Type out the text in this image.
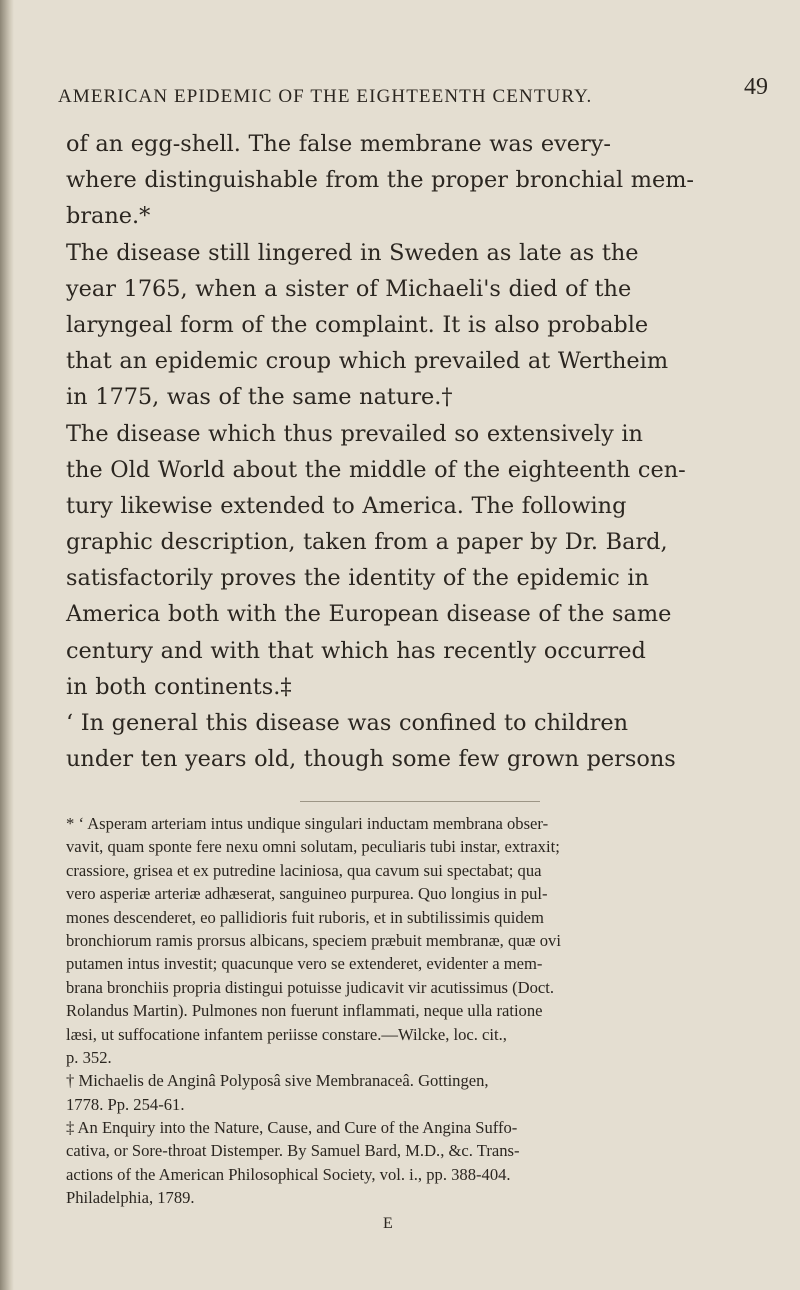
AMERICAN EPIDEMIC OF THE EIGHTEENTH CENTURY.	49
of an egg-shell. The false membrane was every-
where distinguishable from the proper bronchial mem-
brane.*
The disease still lingered in Sweden as late as the
year 1765, when a sister of Michaeli's died of the
laryngeal form of the complaint. It is also probable
that an epidemic croup which prevailed at Wertheim
in 1775, was of the same nature.†
The disease which thus prevailed so extensively in
the Old World about the middle of the eighteenth cen-
tury likewise extended to America. The following
graphic description, taken from a paper by Dr. Bard,
satisfactorily proves the identity of the epidemic in
America both with the European disease of the same
century and with that which has recently occurred
in both continents.‡
‘ In general this disease was confined to children
under ten years old, though some few grown persons
* ‘ Asperam arteriam intus undique singulari inductam membrana obser-
vavit, quam sponte fere nexu omni solutam, peculiaris tubi instar, extraxit;
crassiore, grisea et ex putredine laciniosa, qua cavum sui spectabat; qua
vero asperiæ arteriæ adhæserat, sanguineo purpurea. Quo longius in pul-
mones descenderet, eo pallidioris fuit ruboris, et in subtilissimis quidem
bronchiorum ramis prorsus albicans, speciem præbuit membranæ, quæ ovi
putamen intus investit; quacunque vero se extenderet, evidenter a mem-
brana bronchiis propria distingui potuisse judicavit vir acutissimus (Doct.
Rolandus Martin). Pulmones non fuerunt inflammati, neque ulla ratione
læsi, ut suffocatione infantem periisse constare.—Wilcke, loc. cit.,
p. 352.
† Michaelis de Anginâ Polyposâ sive Membranaceâ. Gottingen,
1778. Pp. 254-61.
‡ An Enquiry into the Nature, Cause, and Cure of the Angina Suffo-
cativa, or Sore-throat Distemper. By Samuel Bard, M.D., &c. Trans-
actions of the American Philosophical Society, vol. i., pp. 388-404.
Philadelphia, 1789.
E
